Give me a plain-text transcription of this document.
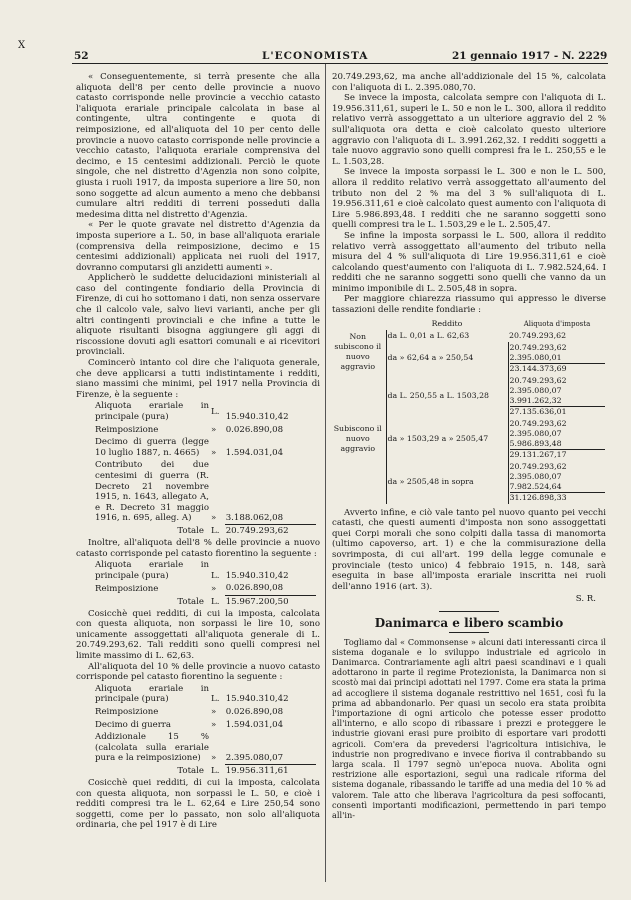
52	L'ECONOMISTA	21 gennaio 1917 - N. 2229
X

« Conseguentemente, si terrà presente che alla aliquota dell'8 per cento delle provincie a nuovo catasto corrisponde nelle provincie a vecchio catasto l'aliquota erariale principale calcolata in base al contingente, ultra contingente e quota di reimposizione, ed all'aliquota del 10 per cento delle provincie a nuovo catasto corrisponde nelle provincie a vecchio catasto, l'aliquota erariale comprensiva del decimo, e 15 centesimi addizionali. Perciò le quote singole, che nel distretto d'Agenzia non sono colpite, giusta i ruoli 1917, da imposta superiore a lire 50, non sono soggette ad alcun aumento a meno che debbansi cumulare altri redditi di terreni posseduti dalla medesima ditta nel distretto d'Agenzia.

« Per le quote gravate nel distretto d'Agenzia da imposta superiore a L. 50, in base all'aliquota erariale (comprensiva della reimposizione, decimo e 15 centesimi addizionali) applicata nei ruoli del 1917, dovranno computarsi gli anzidetti aumenti ».

Applicherò le suddette delucidazioni ministeriali al caso del contingente fondiario della Provincia di Firenze, di cui ho sottomano i dati, non senza osservare che il calcolo vale, salvo lievi varianti, anche per gli altri contingenti provinciali e che infine a tutte le aliquote risultanti bisogna aggiungere gli aggi di riscossione dovuti agli esattori comunali e ai ricevitori provinciali.

Comincerò intanto col dire che l'aliquota generale, che deve applicarsi a tutti indistintamente i redditi, siano massimi che minimi, pel 1917 nella Provincia di Firenze, è la seguente :

Aliquota erariale in principale (pura)	L.	15.940.310,42
Reimposizione	»	0.026.890,08
Decimo di guerra (legge 10 luglio 1887, n. 4665)	»	1.594.031,04
Contributo dei due centesimi di guerra (R. Decreto 21 novembre 1915, n. 1643, allegato A, e R. Decreto 31 maggio 1916, n. 695, alleg. A)	»	3.188.062,08
Totale	L.	20.749.293,62

Inoltre, all'aliquota dell'8 % delle provincie a nuovo catasto corrisponde pel catasto fiorentino la seguente :

Aliquota erariale in principale (pura)	L.	15.940.310,42
Reimposizione	»	0.026.890,08
Totale	L.	15.967.200,50

Cosicchè quei redditi, di cui la imposta, calcolata con questa aliquota, non sorpassi le lire 10, sono unicamente assoggettati all'aliquota generale di L. 20.749.293,62. Tali redditi sono quelli compresi nel limite massimo di L. 62,63.

All'aliquota del 10 % delle provincie a nuovo catasto corrisponde pel catasto fiorentino la seguente :

Aliquota erariale in principale (pura)	L.	15.940.310,42
Reimposizione	»	0.026.890,08
Decimo di guerra	»	1.594.031,04
Addizionale 15 % (calcolata sulla erariale pura e la reimposizione)	»	2.395.080,07
Totale	L.	19.956.311,61

Cosicchè quei redditi, di cui la imposta, calcolata con questa aliquota, non sorpassi le L. 50, e cioè i redditi compresi tra le L. 62,64 e Lire 250,54 sono soggetti, come per lo passato, non solo all'aliquota ordinaria, che pel 1917 è di Lire

20.749.293,62, ma anche all'addizionale del 15 %, calcolata con l'aliquota di L. 2.395.080,70.

Se invece la imposta, calcolata sempre con l'aliquota di L. 19.956.311,61, superi le L. 50 e non le L. 300, allora il reddito relativo verrà assoggettato a un ulteriore aggravio del 2 % sull'aliquota ora detta e cioè calcolato questo ulteriore aggravio con l'aliquota di L. 3.991.262,32. I redditi soggetti a tale nuovo aggravio sono quelli compresi fra le L. 250,55 e le L. 1.503,28.

Se invece la imposta sorpassi le L. 300 e non le L. 500, allora il reddito relativo verrà assoggettato all'aumento del tributo non del 2 % ma del 3 % sull'aliquota di L. 19.956.311,61 e cioè calcolato quest aumento con l'aliquota di Lire 5.986.893,48. I redditi che ne saranno soggetti sono quelli compresi tra le L. 1.503,29 e le L. 2.505,47.

Se infine la imposta sorpassi le L. 500, allora il reddito relativo verrà assoggettato all'aumento del tributo nella misura del 4 % sull'aliquota di Lire 19.956.311,61 e cioè calcolando quest'aumento con l'aliquota di L. 7.982.524,64. I redditi che ne saranno soggetti sono quelli che vanno da un minimo imponibile di L. 2.505,48 in sopra.

Per maggiore chiarezza riassumo qui appresso le diverse tassazioni delle rendite fondiarie :

	Reddito	Aliquota d'imposta
Non subiscono il nuovo aggravio	da L. 0,01 a L. 62,63	20.749.293,62
	da » 62,64 a » 250,54	20.749.293,62
2.395.080,01
23.144.373,69

Subiscono il nuovo aggravio	da L. 250,55 a L. 1503,28	20.749.293,62
2.395.080,07
3.991.262,32
27.135.636,01

	da » 1503,29 a » 2505,47	20.749.293,62
2.395.080,07
5.986.893,48
29.131.267,17

	da » 2505,48 in sopra	20.749.293,62
2.395.080,07
7.982.524,64
31.126.898,33

Avverto infine, e ciò vale tanto pel nuovo quanto pei vecchi catasti, che questi aumenti d'imposta non sono assoggettati quei Corpi morali che sono colpiti dalla tassa di manomorta (ultimo capoverso, art. 1) e che la commisurazione della sovrimposta, di cui all'art. 199 della legge comunale e provinciale (testo unico) 4 febbraio 1915, n. 148, sarà eseguita in base all'imposta erariale inscritta nei ruoli dell'anno 1916 (art. 3).

S. R.

Danimarca e libero scambio

Togliamo dal « Commonsense » alcuni dati interessanti circa il sistema doganale e lo sviluppo industriale ed agricolo in Danimarca. Contrariamente agli altri paesi scandinavi e i quali adottarono in parte il regime Protezionista, la Danimarca non si scostò mai dai principi adottati nel 1797. Come era stata la prima ad accogliere il sistema doganale restrittivo nel 1651, così fu la prima ad abbandonarlo. Per quasi un secolo era stata proibita l'importazione di ogni articolo che potesse esser prodotto all'interno, e allo scopo di ribassare i prezzi e proteggere le industrie giovani erasi pure proibito di esportare vari prodotti agricoli. Com'era da prevedersi l'agricoltura intisichiva, le industrie non progredivano e invece fioriva il contrabbando su larga scala. Il 1797 segnò un'epoca nuova. Abolita ogni restrizione alle esportazioni, seguì una radicale riforma del sistema doganale, ribassando le tariffe ad una media del 10 % ad valorem. Tale atto che liberava l'agricoltura da pesi soffocanti, consentì importanti modificazioni, permettendo in pari tempo all'in-
